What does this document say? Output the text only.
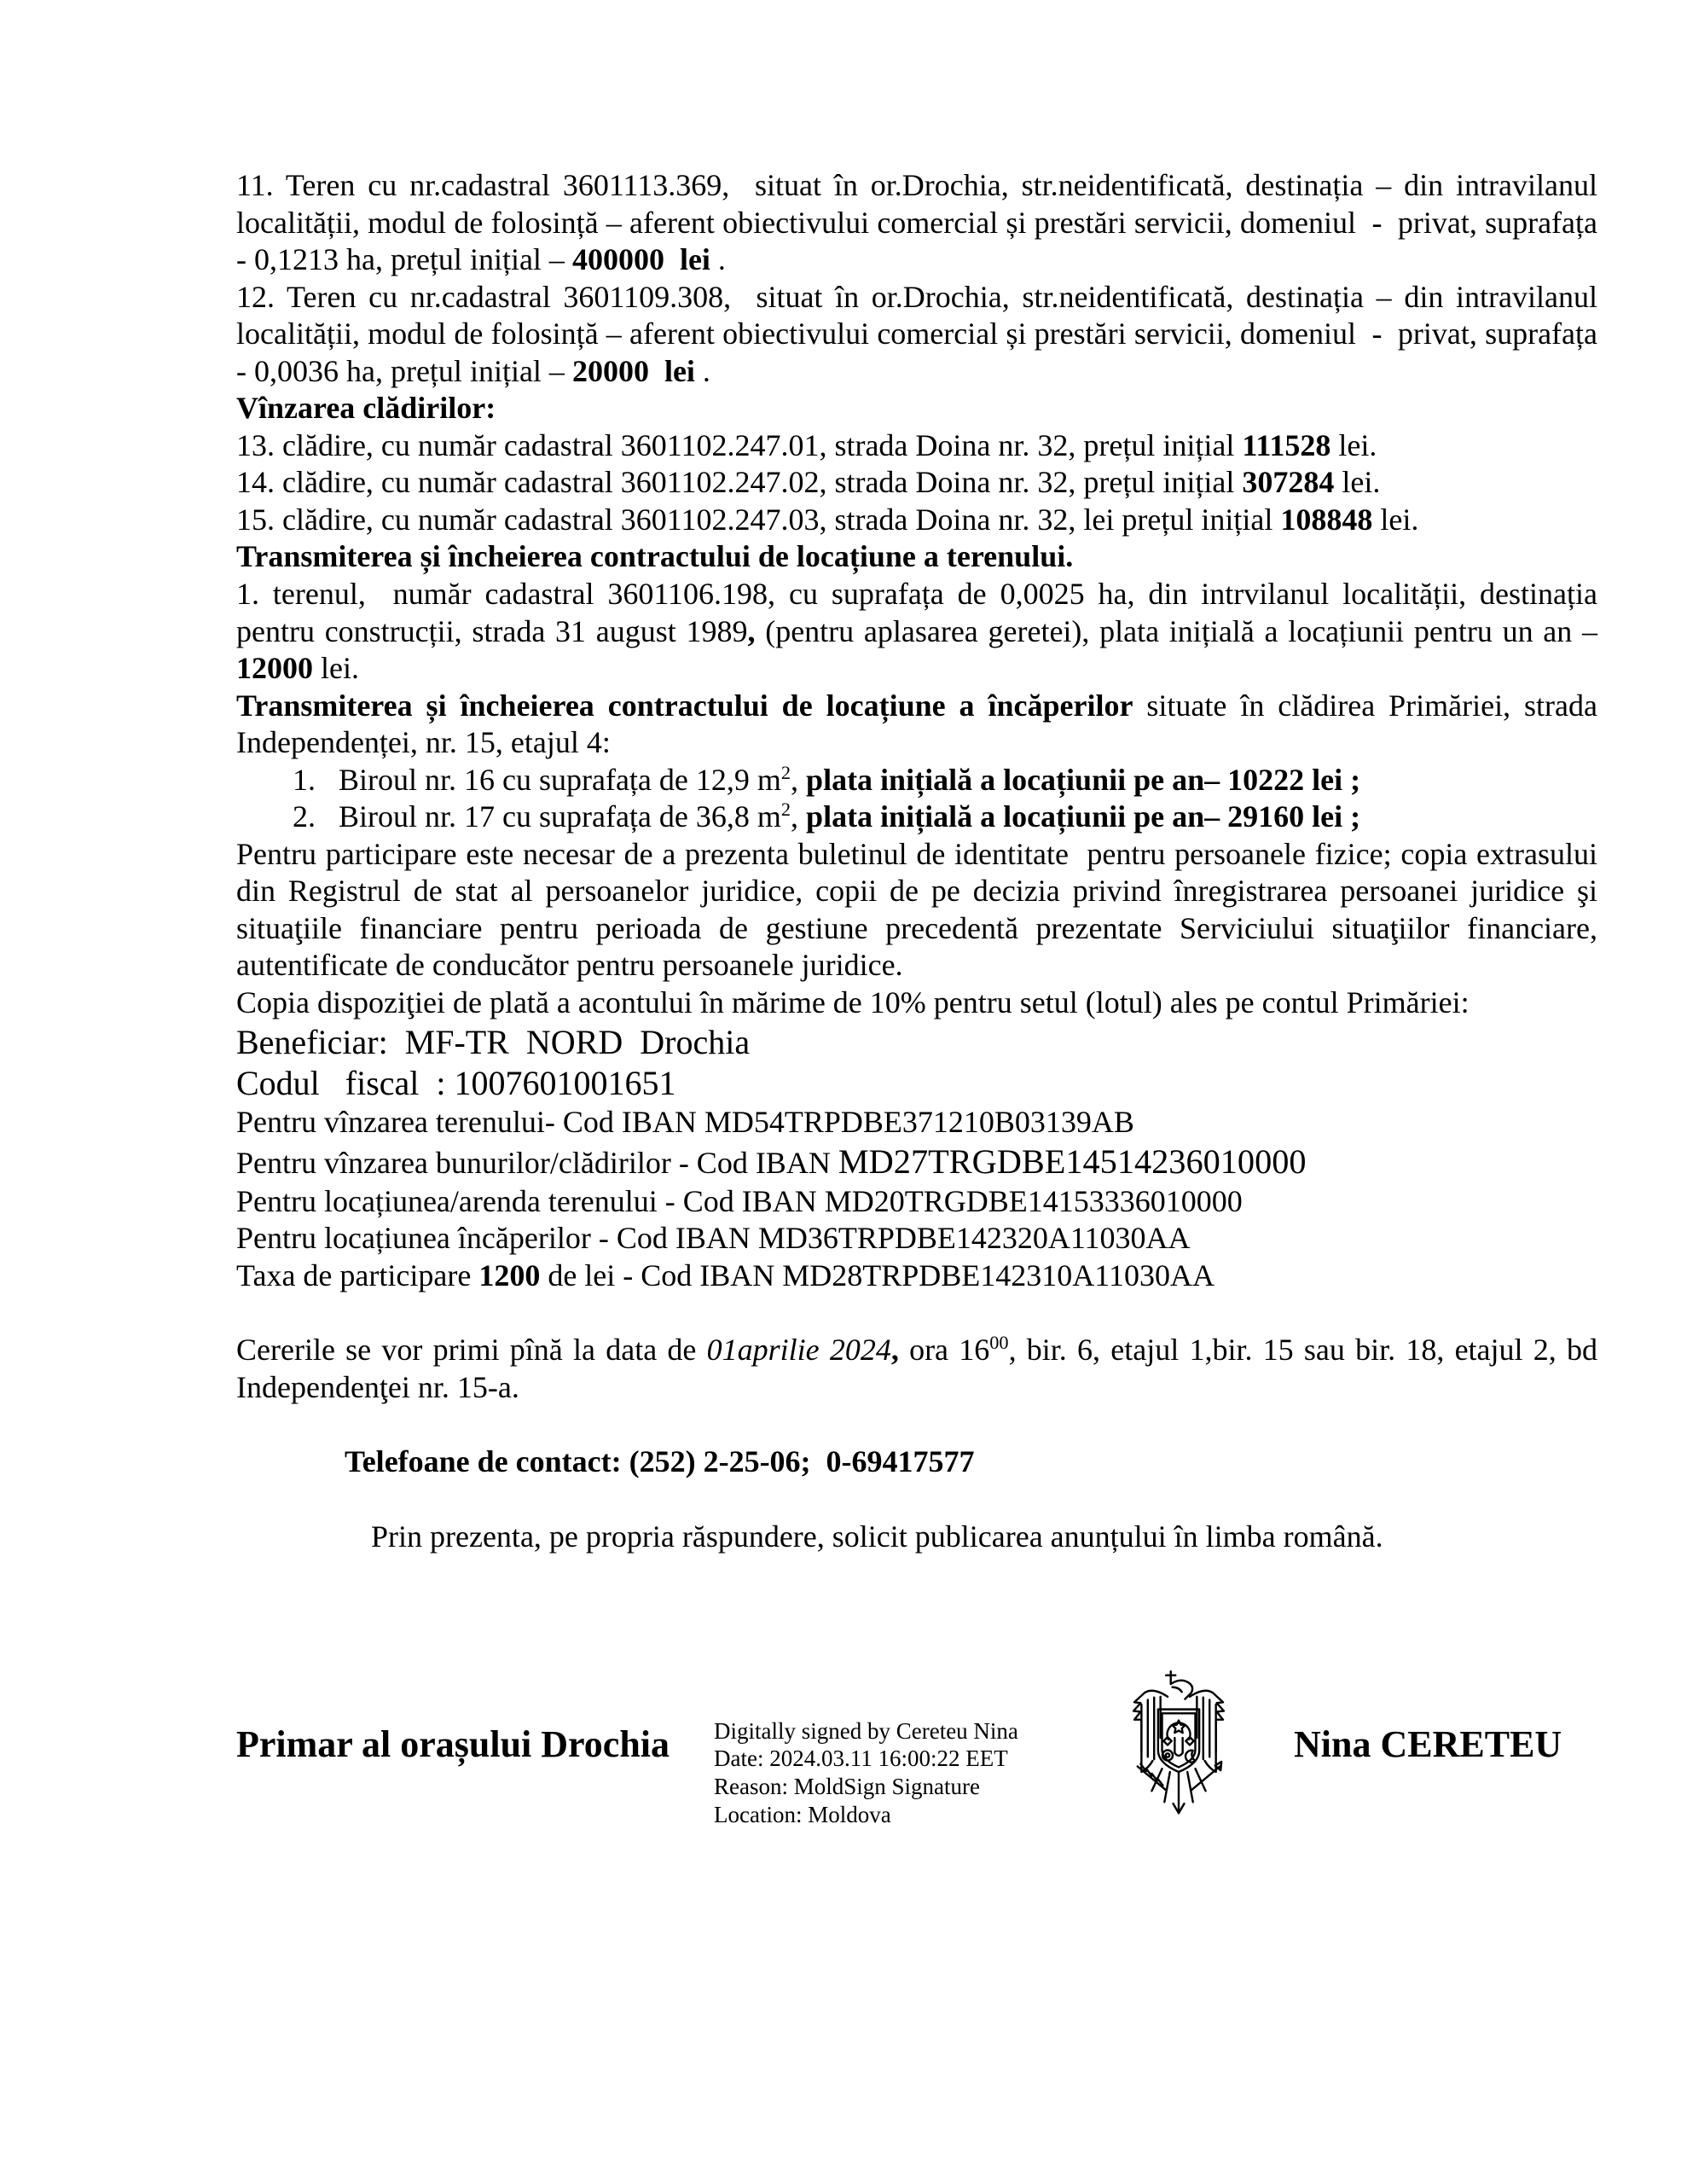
11. Teren cu nr.cadastral 3601113.369,  situat în or.Drochia, str.neidentificată, destinația – din intravilanul localității, modul de folosință – aferent obiectivului comercial și prestări servicii, domeniul  -  privat, suprafața - 0,1213 ha, prețul inițial – 400000  lei .

12. Teren cu nr.cadastral 3601109.308,  situat în or.Drochia, str.neidentificată, destinația – din intravilanul localității, modul de folosință – aferent obiectivului comercial și prestări servicii, domeniul  -  privat, suprafața - 0,0036 ha, prețul inițial – 20000  lei .

Vînzarea clădirilor:

13. clădire, cu număr cadastral 3601102.247.01, strada Doina nr. 32, prețul inițial 111528 lei.

14. clădire, cu număr cadastral 3601102.247.02, strada Doina nr. 32, prețul inițial 307284 lei.

15. clădire, cu număr cadastral 3601102.247.03, strada Doina nr. 32, lei prețul inițial 108848 lei.

Transmiterea și încheierea contractului de locațiune a terenului.

1. terenul,  număr cadastral 3601106.198, cu suprafața de 0,0025 ha, din intrvilanul localității, destinația pentru construcții, strada 31 august 1989, (pentru aplasarea geretei), plata inițială a locațiunii pentru un an – 12000 lei.

Transmiterea și încheierea contractului de locațiune a încăperilor situate în clădirea Primăriei, strada Independenței, nr. 15, etajul 4:

1.   Biroul nr. 16 cu suprafața de 12,9 $m^2$, plata inițială a locațiunii pe an– 10222 lei ;

2.   Biroul nr. 17 cu suprafața de 36,8 $m^2$, plata inițială a locațiunii pe an– 29160 lei ;

Pentru participare este necesar de a prezenta buletinul de identitate  pentru persoanele fizice; copia extrasului din Registrul de stat al persoanelor juridice, copii de pe decizia privind înregistrarea persoanei juridice şi situaţiile financiare pentru perioada de gestiune precedentă prezentate Serviciului situaţiilor financiare, autentificate de conducător pentru persoanele juridice.

Copia dispoziţiei de plată a acontului în mărime de 10% pentru setul (lotul) ales pe contul Primăriei:

Beneficiar:  MF-TR  NORD  Drochia

Codul   fiscal  : 1007601001651

Pentru vînzarea terenului- Cod IBAN MD54TRPDBE371210B03139AB

Pentru vînzarea bunurilor/clădirilor - Cod IBAN MD27TRGDBE14514236010000

Pentru locațiunea/arenda terenului - Cod IBAN MD20TRGDBE14153336010000

Pentru locațiunea încăperilor - Cod IBAN MD36TRPDBE142320A11030AA

Taxa de participare 1200 de lei - Cod IBAN MD28TRPDBE142310A11030AA

Cererile se vor primi pînă la data de 01aprilie 2024, ora $16^{00}$, bir. 6, etajul 1,bir. 15 sau bir. 18, etajul 2, bd Independenţei nr. 15-a.

Telefoane de contact: (252) 2-25-06;  0-69417577

Prin prezenta, pe propria răspundere, solicit publicarea anunțului în limba română.

Primar al orașului Drochia	Digitally signed by Cereteu Nina
Date: 2024.03.11 16:00:22 EET
Reason: MoldSign Signature
Location: Moldova
Nina CERETEU
